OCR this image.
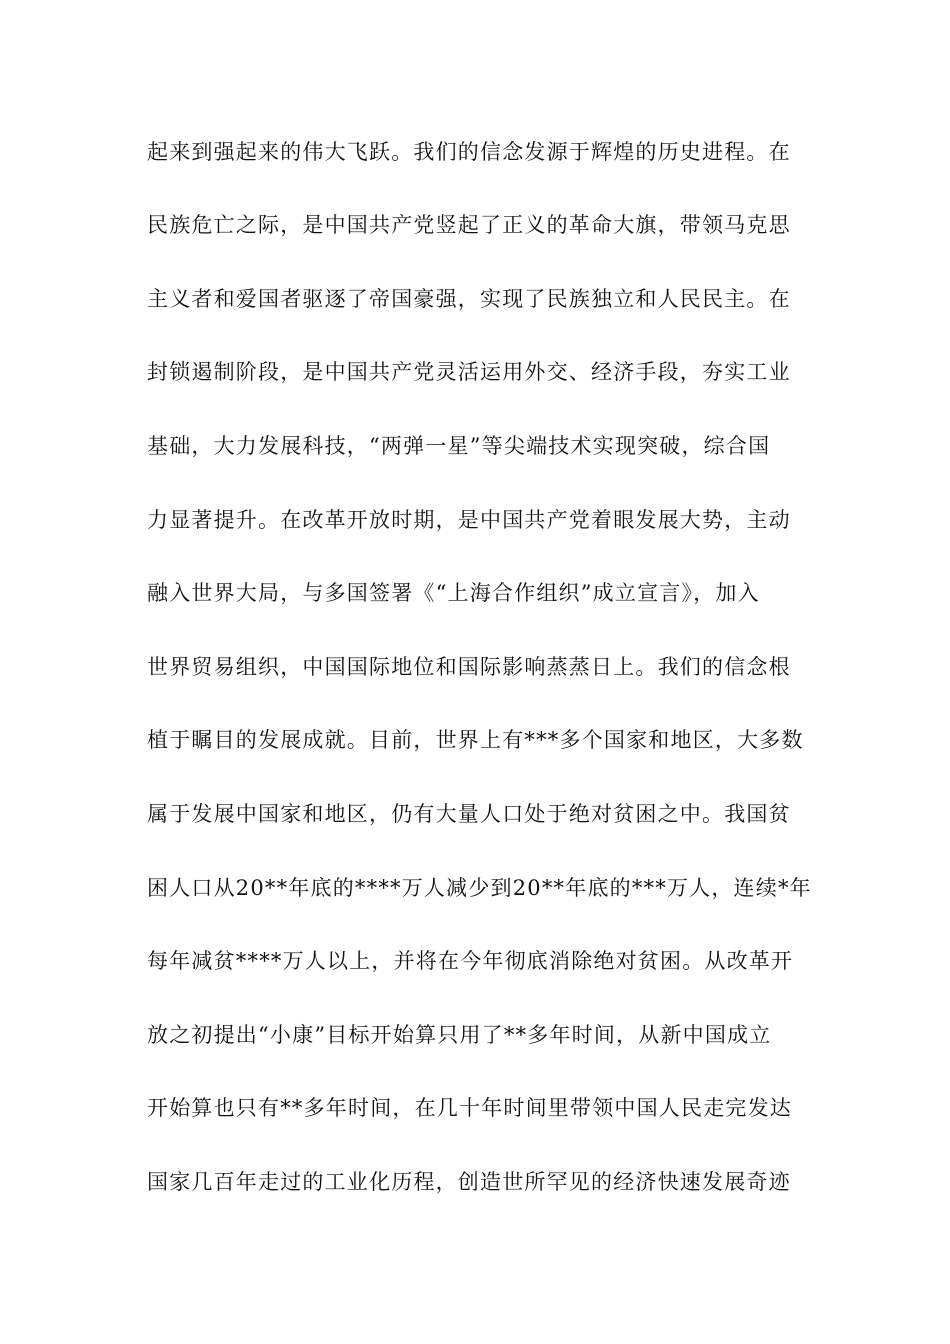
起来到强起来的伟大飞跃。我们的信念发源于辉煌的历史进程。在
民族危亡之际，是中国共产党竖起了正义的革命大旗，带领马克思
主义者和爱国者驱逐了帝国豪强，实现了民族独立和人民民主。在
封锁遏制阶段，是中国共产党灵活运用外交、经济手段，夯实工业
基础，大力发展科技，“两弹一星”等尖端技术实现突破，综合国
力显著提升。在改革开放时期，是中国共产党着眼发展大势，主动
融入世界大局，与多国签署《“上海合作组织”成立宣言》，加入
世界贸易组织，中国国际地位和国际影响蒸蒸日上。我们的信念根
植于瞩目的发展成就。目前，世界上有***多个国家和地区，大多数
属于发展中国家和地区，仍有大量人口处于绝对贫困之中。我国贫
困人口从20**年底的****万人减少到20**年底的***万人，连续*年
每年减贫****万人以上，并将在今年彻底消除绝对贫困。从改革开
放之初提出“小康”目标开始算只用了**多年时间，从新中国成立
开始算也只有**多年时间，在几十年时间里带领中国人民走完发达
国家几百年走过的工业化历程，创造世所罕见的经济快速发展奇迹
